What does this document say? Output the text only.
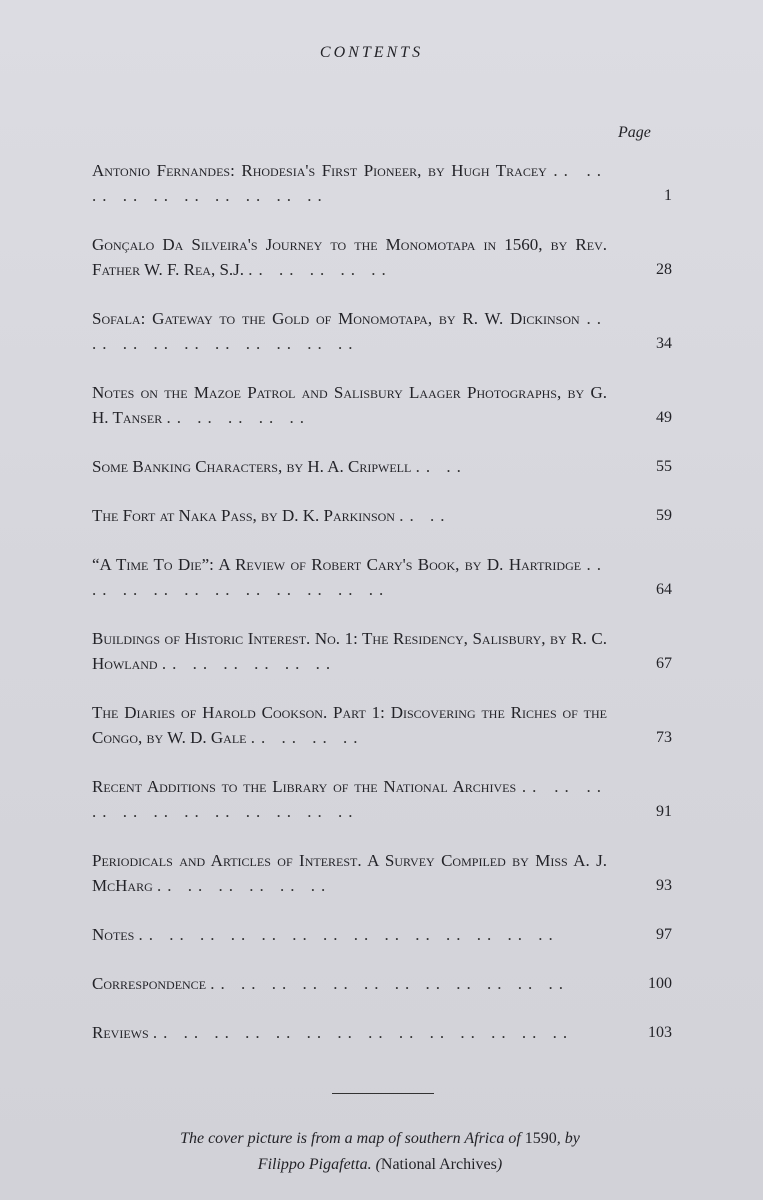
CONTENTS
Page
Antonio Fernandes: Rhodesia's First Pioneer, by Hugh Tracey .. .. .. .. .. .. .. .. .. ..	1
Gonçalo Da Silveira's Journey to the Monomotapa in 1560, by Rev. Father W. F. Rea, S.J. .. .. .. .. ..	28
Sofala: Gateway to the Gold of Monomotapa, by R. W. Dickinson .. .. .. .. .. .. .. .. .. ..	34
Notes on the Mazoe Patrol and Salisbury Laager Photographs, by G. H. Tanser .. .. .. .. ..	49
Some Banking Characters, by H. A. Cripwell .. ..	55
The Fort at Naka Pass, by D. K. Parkinson .. ..	59
“A Time To Die”: A Review of Robert Cary's Book, by D. Hartridge .. .. .. .. .. .. .. .. .. .. ..	64
Buildings of Historic Interest. No. 1: The Residency, Salisbury, by R. C. Howland .. .. .. .. .. ..	67
The Diaries of Harold Cookson. Part 1: Discovering the Riches of the Congo, by W. D. Gale .. .. .. ..	73
Recent Additions to the Library of the National Archives .. .. .. .. .. .. .. .. .. .. .. ..	91
Periodicals and Articles of Interest. A Survey Compiled by Miss A. J. McHarg .. .. .. .. .. ..	93
Notes .. .. .. .. .. .. .. .. .. .. .. .. .. ..	97
Correspondence .. .. .. .. .. .. .. .. .. .. .. ..	100
Reviews .. .. .. .. .. .. .. .. .. .. .. .. .. ..	103
The cover picture is from a map of southern Africa of 1590, by
Filippo Pigafetta. (National Archives)
